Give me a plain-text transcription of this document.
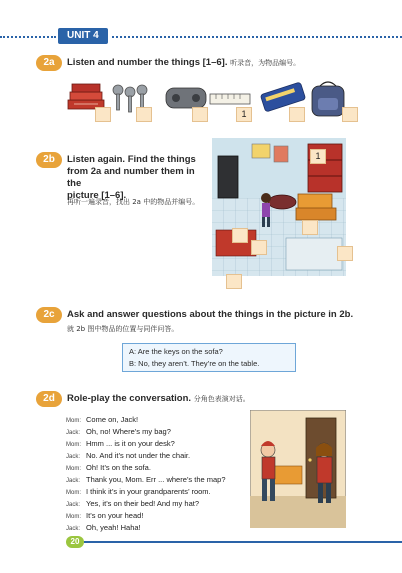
UNIT 4
2a	Listen and number the things [1–6]. 听录音，为物品编号。
1
2b	Listen again. Find the things
from 2a and number them in the
picture [1–6].
再听一遍录音，找出 2a 中的物品并编号。
1
2c	Ask and answer questions about the things in the picture in 2b.
就 2b 图中物品的位置与同伴问答。
A: Are the keys on the sofa?
B: No, they aren’t. They’re on the table.
2d	Role-play the conversation. 分角色表演对话。
Mom: Come on, Jack!
Jack: Oh, no! Where’s my bag?
Mom: Hmm ... is it on your desk?
Jack: No. And it’s not under the chair.
Mom: Oh! It’s on the sofa.
Jack: Thank you, Mom. Err ... where’s the map?
Mom: I think it’s in your grandparents’ room.
Jack: Yes, it’s on their bed! And my hat?
Mom: It’s on your head!
Jack: Oh, yeah! Haha!
20
